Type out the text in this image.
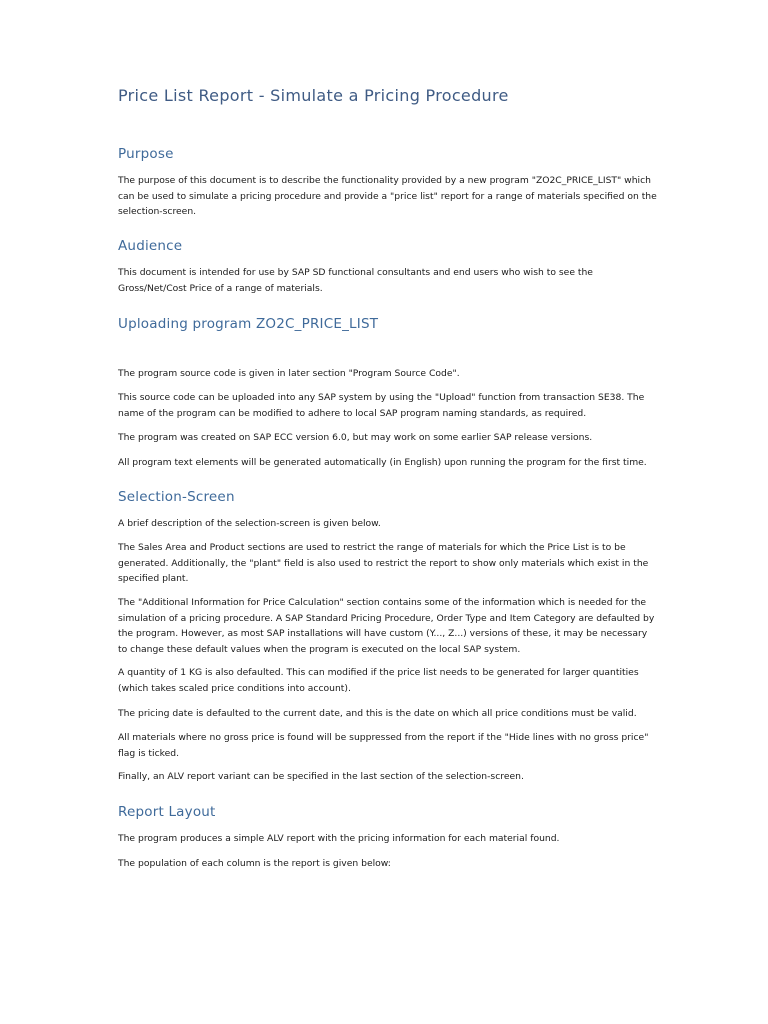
Price List Report - Simulate a Pricing Procedure
Purpose

The purpose of this document is to describe the functionality provided by a new program "ZO2C_PRICE_LIST" which can be used to simulate a pricing procedure and provide a "price list" report for a range of materials specified on the selection-screen.

Audience

This document is intended for use by SAP SD functional consultants and end users who wish to see the Gross/Net/Cost Price of a range of materials.

Uploading program ZO2C_PRICE_LIST

The program source code is given in later section "Program Source Code".

This source code can be uploaded into any SAP system by using the "Upload" function from transaction SE38. The name of the program can be modified to adhere to local SAP program naming standards, as required.

The program was created on SAP ECC version 6.0, but may work on some earlier SAP release versions.

All program text elements will be generated automatically (in English) upon running the program for the first time.

Selection-Screen

A brief description of the selection-screen is given below.

The Sales Area and Product sections are used to restrict the range of materials for which the Price List is to be generated. Additionally, the "plant" field is also used to restrict the report to show only materials which exist in the specified plant.

The "Additional Information for Price Calculation" section contains some of the information which is needed for the simulation of a pricing procedure. A SAP Standard Pricing Procedure, Order Type and Item Category are defaulted by the program. However, as most SAP installations will have custom (Y..., Z...) versions of these, it may be necessary to change these default values when the program is executed on the local SAP system.

A quantity of 1 KG is also defaulted. This can modified if the price list needs to be generated for larger quantities (which takes scaled price conditions into account).

The pricing date is defaulted to the current date, and this is the date on which all price conditions must be valid.

All materials where no gross price is found will be suppressed from the report if the "Hide lines with no gross price" flag is ticked.

Finally, an ALV report variant can be specified in the last section of the selection-screen.

Report Layout

The program produces a simple ALV report with the pricing information for each material found.

The population of each column is the report is given below:
